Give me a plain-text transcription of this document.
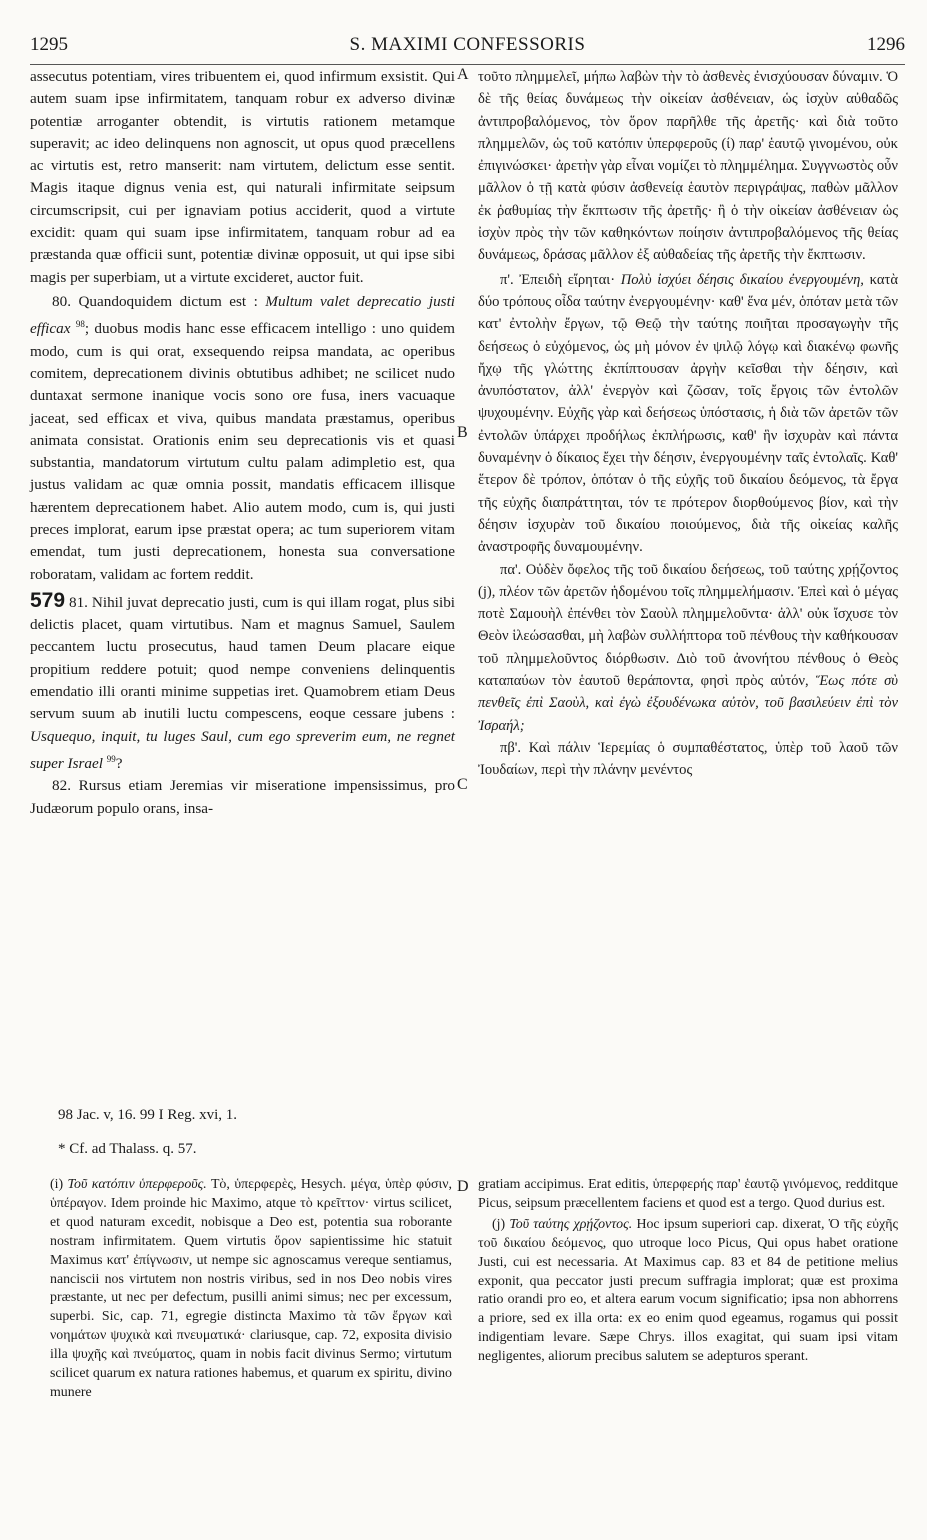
1295	S. MAXIMI CONFESSORIS	1296
A
B
C
D

assecutus potentiam, vires tribuentem ei, quod infirmum exsistit. Qui autem suam ipse infirmitatem, tanquam robur ex adverso divinæ potentiæ arroganter obtendit, is virtutis rationem metamque superavit; ac ideo delinquens non agnoscit, ut opus quod præcellens ac virtutis est, retro manserit: nam virtutem, delictum esse sentit. Magis itaque dignus venia est, qui naturali infirmitate seipsum circumscripsit, cui per ignaviam potius acciderit, quod a virtute excidit: quam qui suam ipse infirmitatem, tanquam robur ad ea præstanda quæ officii sunt, potentiæ divinæ opposuit, ut qui ipse sibi magis per superbiam, ut a virtute excideret, auctor fuit.

80. Quandoquidem dictum est : Multum valet deprecatio justi efficax $^{98}$; duobus modis hanc esse efficacem intelligo : uno quidem modo, cum is qui orat, exsequendo reipsa mandata, ac operibus comitem, deprecationem divinis obtutibus adhibet; ne scilicet nudo duntaxat sermone inanique vocis sono ore fusa, iners vacuaque jaceat, sed efficax et viva, quibus mandata præstamus, operibus animata consistat. Orationis enim seu deprecationis vis et quasi substantia, mandatorum virtutum cultu palam adimpletio est, qua justus validam ac quæ omnia possit, mandatis efficacem illisque hærentem deprecationem habet. Alio autem modo, cum is, qui justi preces implorat, earum ipse præstat opera; ac tum superiorem vitam emendat, tum justi deprecationem, honesta sua conversatione roboratam, validam ac fortem reddit.

579 81. Nihil juvat deprecatio justi, cum is qui illam rogat, plus sibi delictis placet, quam virtutibus. Nam et magnus Samuel, Saulem peccantem luctu prosecutus, haud tamen Deum placare eique propitium reddere potuit; quod nempe conveniens delinquentis emendatio illi oranti minime suppetias iret. Quamobrem etiam Deus servum suum ab inutili luctu compescens, eoque cessare jubens : Usquequo, inquit, tu luges Saul, cum ego spreverim eum, ne regnet super Israel $^{99}$?

82. Rursus etiam Jeremias vir miseratione impensissimus, pro Judæorum populo orans, insa-

τοῦτο πλημμελεῖ, μήπω λαβὼν τὴν τὸ ἀσθενὲς ἐνισχύουσαν δύναμιν. Ὁ δὲ τῆς θείας δυνάμεως τὴν οἰκείαν ἀσθένειαν, ὡς ἰσχὺν αὐθαδῶς ἀντιπροβαλόμενος, τὸν ὅρον παρῆλθε τῆς ἀρετῆς· καὶ διὰ τοῦτο πλημμελῶν, ὡς τοῦ κατόπιν ὑπερφεροῦς (ί) παρ' ἑαυτῷ γινομένου, οὐκ ἐπιγινώσκει· ἀρετὴν γὰρ εἶναι νομίζει τὸ πλημμέλημα. Συγγνωστὸς οὖν μᾶλλον ὁ τῇ κατὰ φύσιν ἀσθενείᾳ ἑαυτὸν περιγράψας, παθὼν μᾶλλον ἐκ ῥαθυμίας τὴν ἔκπτωσιν τῆς ἀρετῆς· ἢ ὁ τὴν οἰκείαν ἀσθένειαν ὡς ἰσχὺν πρὸς τὴν τῶν καθηκόντων ποίησιν ἀντιπροβαλόμενος τῆς θείας δυνάμεως, δράσας μᾶλλον ἐξ αὐθαδείας τῆς ἀρετῆς τὴν ἔκπτωσιν.

π'. Ἐπειδὴ εἴρηται· Πολὺ ἰσχύει δέησις δικαίου ἐνεργουμένη, κατὰ δύο τρόπους οἶδα ταύτην ἐνεργουμένην· καθ' ἕνα μέν, ὁπόταν μετὰ τῶν κατ' ἐντολὴν ἔργων, τῷ Θεῷ τὴν ταύτης ποιῆται προσαγωγὴν τῆς δεήσεως ὁ εὐχόμενος, ὡς μὴ μόνον ἐν ψιλῷ λόγῳ καὶ διακένῳ φωνῆς ἤχῳ τῆς γλώττης ἐκπίπτουσαν ἀργὴν κεῖσθαι τὴν δέησιν, καὶ ἀνυπόστατον, ἀλλ' ἐνεργὸν καὶ ζῶσαν, τοῖς ἔργοις τῶν ἐντολῶν ψυχουμένην. Εὐχῆς γὰρ καὶ δεήσεως ὑπόστασις, ἡ διὰ τῶν ἀρετῶν τῶν ἐντολῶν ὑπάρχει προδήλως ἐκπλήρωσις, καθ' ἣν ἰσχυρὰν καὶ πάντα δυναμένην ὁ δίκαιος ἔχει τὴν δέησιν, ἐνεργουμένην ταῖς ἐντολαῖς. Καθ' ἕτερον δὲ τρόπον, ὁπόταν ὁ τῆς εὐχῆς τοῦ δικαίου δεόμενος, τὰ ἔργα τῆς εὐχῆς διαπράττηται, τόν τε πρότερον διορθούμενος βίον, καὶ τὴν δέησιν ἰσχυρὰν τοῦ δικαίου ποιούμενος, διὰ τῆς οἰκείας καλῆς ἀναστροφῆς δυναμουμένην.

πα'. Οὐδὲν ὄφελος τῆς τοῦ δικαίου δεήσεως, τοῦ ταύτης χρῄζοντος (j), πλέον τῶν ἀρετῶν ἡδομένου τοῖς πλημμελήμασιν. Ἐπεὶ καὶ ὁ μέγας ποτὲ Σαμουὴλ ἐπένθει τὸν Σαοὺλ πλημμελοῦντα· ἀλλ' οὐκ ἴσχυσε τὸν Θεὸν ἱλεώσασθαι, μὴ λαβὼν συλλήπτορα τοῦ πένθους τὴν καθήκουσαν τοῦ πλημμελοῦντος διόρθωσιν. Διὸ τοῦ ἀνονήτου πένθους ὁ Θεὸς καταπαύων τὸν ἑαυτοῦ θεράποντα, φησὶ πρὸς αὐτόν, Ἕως πότε σὺ πενθεῖς ἐπὶ Σαοὺλ, καὶ ἐγὼ ἐξουδένωκα αὐτὸν, τοῦ βασιλεύειν ἐπὶ τὸν Ἰσραήλ;

πβ'. Καὶ πάλιν Ἱερεμίας ὁ συμπαθέστατος, ὑπὲρ τοῦ λαοῦ τῶν Ἰουδαίων, περὶ τὴν πλάνην μενέντος

98 Jac. v, 16. 99 I Reg. xvi, 1.
* Cf. ad Thalass. q. 57.

(i) Τοῦ κατόπιν ὑπερφεροῦς. Τὸ, ὑπερφερὲς, Hesych. μέγα, ὑπὲρ φύσιν, ὑπέραγον. Idem proinde hic Maximo, atque τὸ κρεῖττον· virtus scilicet, et quod naturam excedit, nobisque a Deo est, potentia sua roborante nostram infirmitatem. Quem virtutis ὅρον sapientissime hic statuit Maximus κατ' ἐπίγνωσιν, ut nempe sic agnoscamus vereque sentiamus, nanciscii nos virtutem non nostris viribus, sed in nos Deo nobis vires præstante, ut nec per defectum, pusilli animi simus; nec per excessum, superbi. Sic, cap. 71, egregie distincta Maximo τὰ τῶν ἔργων καὶ νοημάτων ψυχικὰ καὶ πνευματικά· clariusque, cap. 72, exposita divisio illa ψυχῆς καὶ πνεύματος, quam in nobis facit divinus Sermo; virtutum scilicet quarum ex natura rationes habemus, et quarum ex spiritu, divino munere

gratiam accipimus. Erat editis, ὑπερφερής παρ' ἑαυτῷ γινόμενος, redditque Picus, seipsum præcellentem faciens et quod est a tergo. Quod durius est.

(j) Τοῦ ταύτης χρῄζοντος. Hoc ipsum superiori cap. dixerat, Ὁ τῆς εὐχῆς τοῦ δικαίου δεόμενος, quo utroque loco Picus, Qui opus habet oratione Justi, cui est necessaria. At Maximus cap. 83 et 84 de petitione melius exponit, qua peccator justi precum suffragia implorat; quæ est proxima ratio orandi pro eo, et altera earum vocum significatio; ipsa non abhorrens a priore, sed ex illa orta: ex eo enim quod egeamus, rogamus qui possit indigentiam levare. Sæpe Chrys. illos exagitat, qui suam ipsi vitam negligentes, aliorum precibus salutem se adepturos sperant.
